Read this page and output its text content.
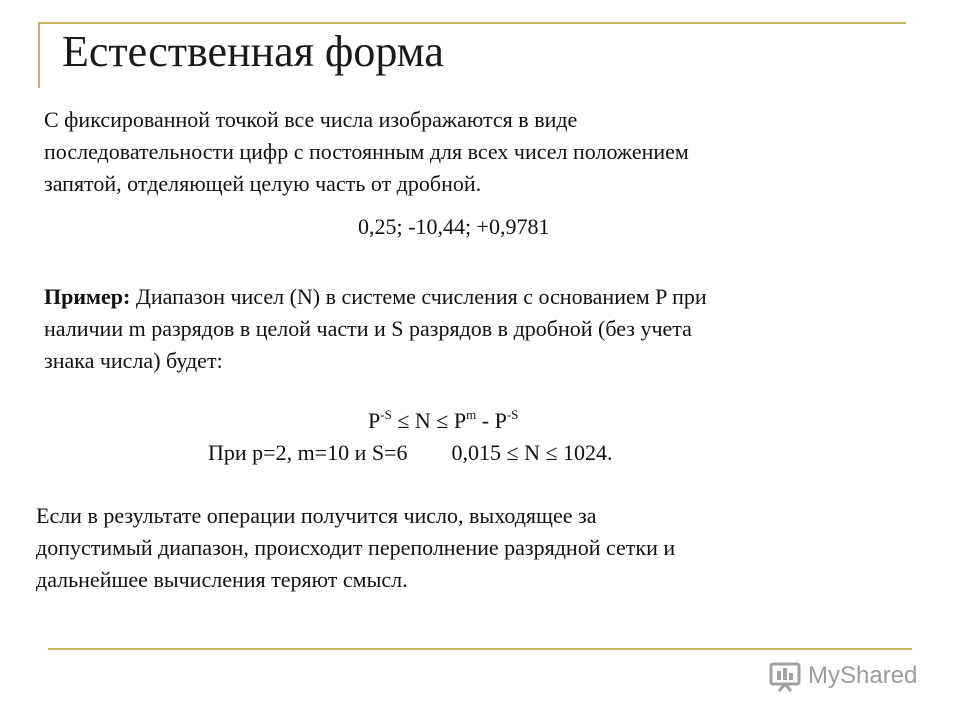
Естественная форма
С фиксированной точкой все числа изображаются в виде
последовательности цифр с постоянным для всех чисел положением
запятой, отделяющей целую часть от дробной.
0,25; -10,44; +0,9781
Пример: Диапазон чисел (N) в системе счисления с основанием P при
наличии m разрядов в целой части и S разрядов в дробной (без учета
знака числа) будет:
$P^{-S} \le N \le P^m - P^{-S}$
При p=2, m=10 и S=6 0,015 ≤ N ≤ 1024.
Если в результате операции получится число, выходящее за
допустимый диапазон, происходит переполнение разрядной сетки и
дальнейшее вычисления теряют смысл.
MyShared
